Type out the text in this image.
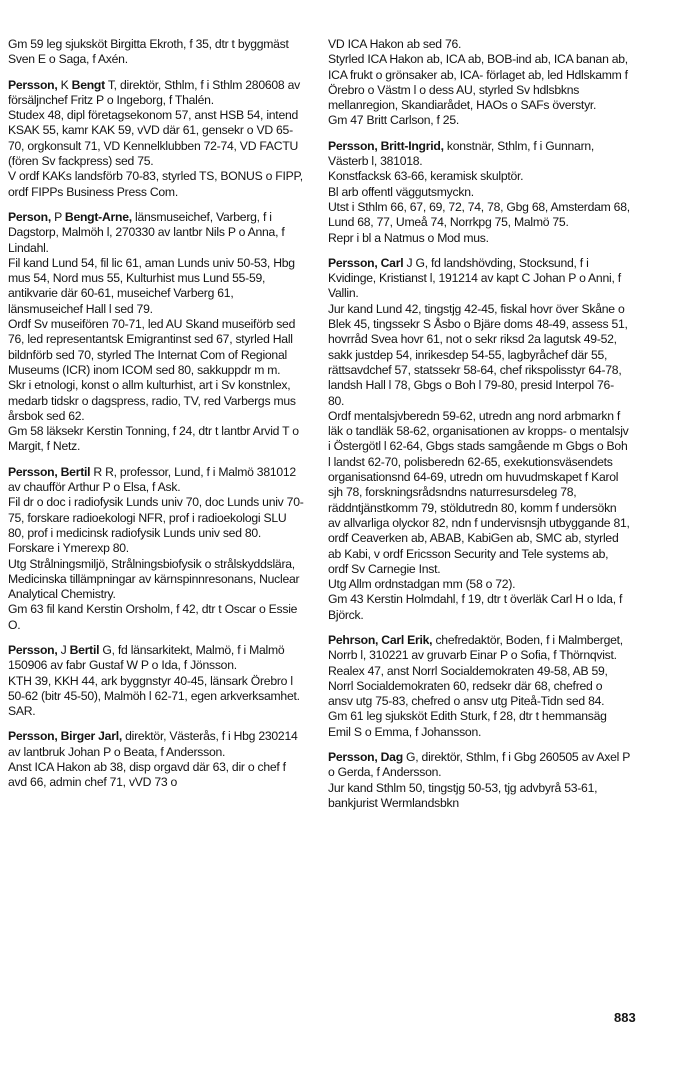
Gm 59 leg sjuksköt Birgitta Ekroth, f 35, dtr t byggmäst Sven E o Saga, f Axén.

Persson, K Bengt T, direktör, Sthlm, f i Sthlm 280608 av försäljnchef Fritz P o Ingeborg, f Thalén.

Studex 48, dipl företagsekonom 57, anst HSB 54, intend KSAK 55, kamr KAK 59, vVD där 61, gensekr o VD 65-70, orgkonsult 71, VD Kennelklubben 72-74, VD FACTU (fören Sv fackpress) sed 75.

V ordf KAKs landsförb 70-83, styrled TS, BONUS o FIPP, ordf FIPPs Business Press Com.

Person, P Bengt-Arne, länsmuseichef, Varberg, f i Dagstorp, Malmöh l, 270330 av lantbr Nils P o Anna, f Lindahl.

Fil kand Lund 54, fil lic 61, aman Lunds univ 50-53, Hbg mus 54, Nord mus 55, Kulturhist mus Lund 55-59, antikvarie där 60-61, museichef Varberg 61, länsmuseichef Hall l sed 79.

Ordf Sv museifören 70-71, led AU Skand museiförb sed 76, led representantsk Emigrantinst sed 67, styrled Hall bildnförb sed 70, styrled The Internat Com of Regional Museums (ICR) inom ICOM sed 80, sakkuppdr m m.

Skr i etnologi, konst o allm kulturhist, art i Sv konstnlex, medarb tidskr o dagspress, radio, TV, red Varbergs mus årsbok sed 62.

Gm 58 läksekr Kerstin Tonning, f 24, dtr t lantbr Arvid T o Margit, f Netz.

Persson, Bertil R R, professor, Lund, f i Malmö 381012 av chaufför Arthur P o Elsa, f Ask.

Fil dr o doc i radiofysik Lunds univ 70, doc Lunds univ 70-75, forskare radioekologi NFR, prof i radioekologi SLU 80, prof i medicinsk radiofysik Lunds univ sed 80.

Forskare i Ymerexp 80.

Utg Strålningsmiljö, Strålningsbiofysik o strålskyddslära, Medicinska tillämpningar av kärnspinnresonans, Nuclear Analytical Chemistry.

Gm 63 fil kand Kerstin Orsholm, f 42, dtr t Oscar o Essie O.

Persson, J Bertil G, fd länsarkitekt, Malmö, f i Malmö 150906 av fabr Gustaf W P o Ida, f Jönsson.

KTH 39, KKH 44, ark byggnstyr 40-45, länsark Örebro l 50-62 (bitr 45-50), Malmöh l 62-71, egen arkverksamhet. SAR.

Persson, Birger Jarl, direktör, Västerås, f i Hbg 230214 av lantbruk Johan P o Beata, f Andersson.

Anst ICA Hakon ab 38, disp orgavd där 63, dir o chef f avd 66, admin chef 71, vVD 73 o

VD ICA Hakon ab sed 76.

Styrled ICA Hakon ab, ICA ab, BOB-ind ab, ICA banan ab, ICA frukt o grönsaker ab, ICA- förlaget ab, led Hdlskamm f Örebro o Västm l o dess AU, styrled Sv hdlsbkns mellanregion, Skandiarådet, HAOs o SAFs överstyr.

Gm 47 Britt Carlson, f 25.

Persson, Britt-Ingrid, konstnär, Sthlm, f i Gunnarn, Västerb l, 381018.

Konstfacksk 63-66, keramisk skulptör.

Bl arb offentl väggutsmyckn.

Utst i Sthlm 66, 67, 69, 72, 74, 78, Gbg 68, Amsterdam 68, Lund 68, 77, Umeå 74, Norrkpg 75, Malmö 75.

Repr i bl a Natmus o Mod mus.

Persson, Carl J G, fd landshövding, Stocksund, f i Kvidinge, Kristianst l, 191214 av kapt C Johan P o Anni, f Vallin.

Jur kand Lund 42, tingstjg 42-45, fiskal hovr över Skåne o Blek 45, tingssekr S Åsbo o Bjäre doms 48-49, assess 51, hovrråd Svea hovr 61, not o sekr riksd 2a lagutsk 49-52, sakk justdep 54, inrikesdep 54-55, lagbyråchef där 55, rättsavdchef 57, statssekr 58-64, chef rikspolisstyr 64-78, landsh Hall l 78, Gbgs o Boh l 79-80, presid Interpol 76-80.

Ordf mentalsjvberedn 59-62, utredn ang nord arbmarkn f läk o tandläk 58-62, organisationen av kropps- o mentalsjv i Östergötl l 62-64, Gbgs stads samgående m Gbgs o Boh l landst 62-70, polisberedn 62-65, exekutionsväsendets organisationsnd 64-69, utredn om huvudmskapet f Karol sjh 78, forskningsrådsndns naturresursdeleg 78, räddntjänstkomm 79, stöldutredn 80, komm f undersökn av allvarliga olyckor 82, ndn f undervisnsjh utbyggande 81, ordf Ceaverken ab, ABAB, KabiGen ab, SMC ab, styrled ab Kabi, v ordf Ericsson Security and Tele systems ab, ordf Sv Carnegie Inst.

Utg Allm ordnstadgan mm (58 o 72).

Gm 43 Kerstin Holmdahl, f 19, dtr t överläk Carl H o Ida, f Björck.

Pehrson, Carl Erik, chefredaktör, Boden, f i Malmberget, Norrb l, 310221 av gruvarb Einar P o Sofia, f Thörnqvist.

Realex 47, anst Norrl Socialdemokraten 49-58, AB 59, Norrl Socialdemokraten 60, redsekr där 68, chefred o ansv utg 75-83, chefred o ansv utg Piteå-Tidn sed 84.

Gm 61 leg sjuksköt Edith Sturk, f 28, dtr t hemmansäg Emil S o Emma, f Johansson.

Persson, Dag G, direktör, Sthlm, f i Gbg 260505 av Axel P o Gerda, f Andersson.

Jur kand Sthlm 50, tingstjg 50-53, tjg advbyrå 53-61, bankjurist Wermlandsbkn

883
